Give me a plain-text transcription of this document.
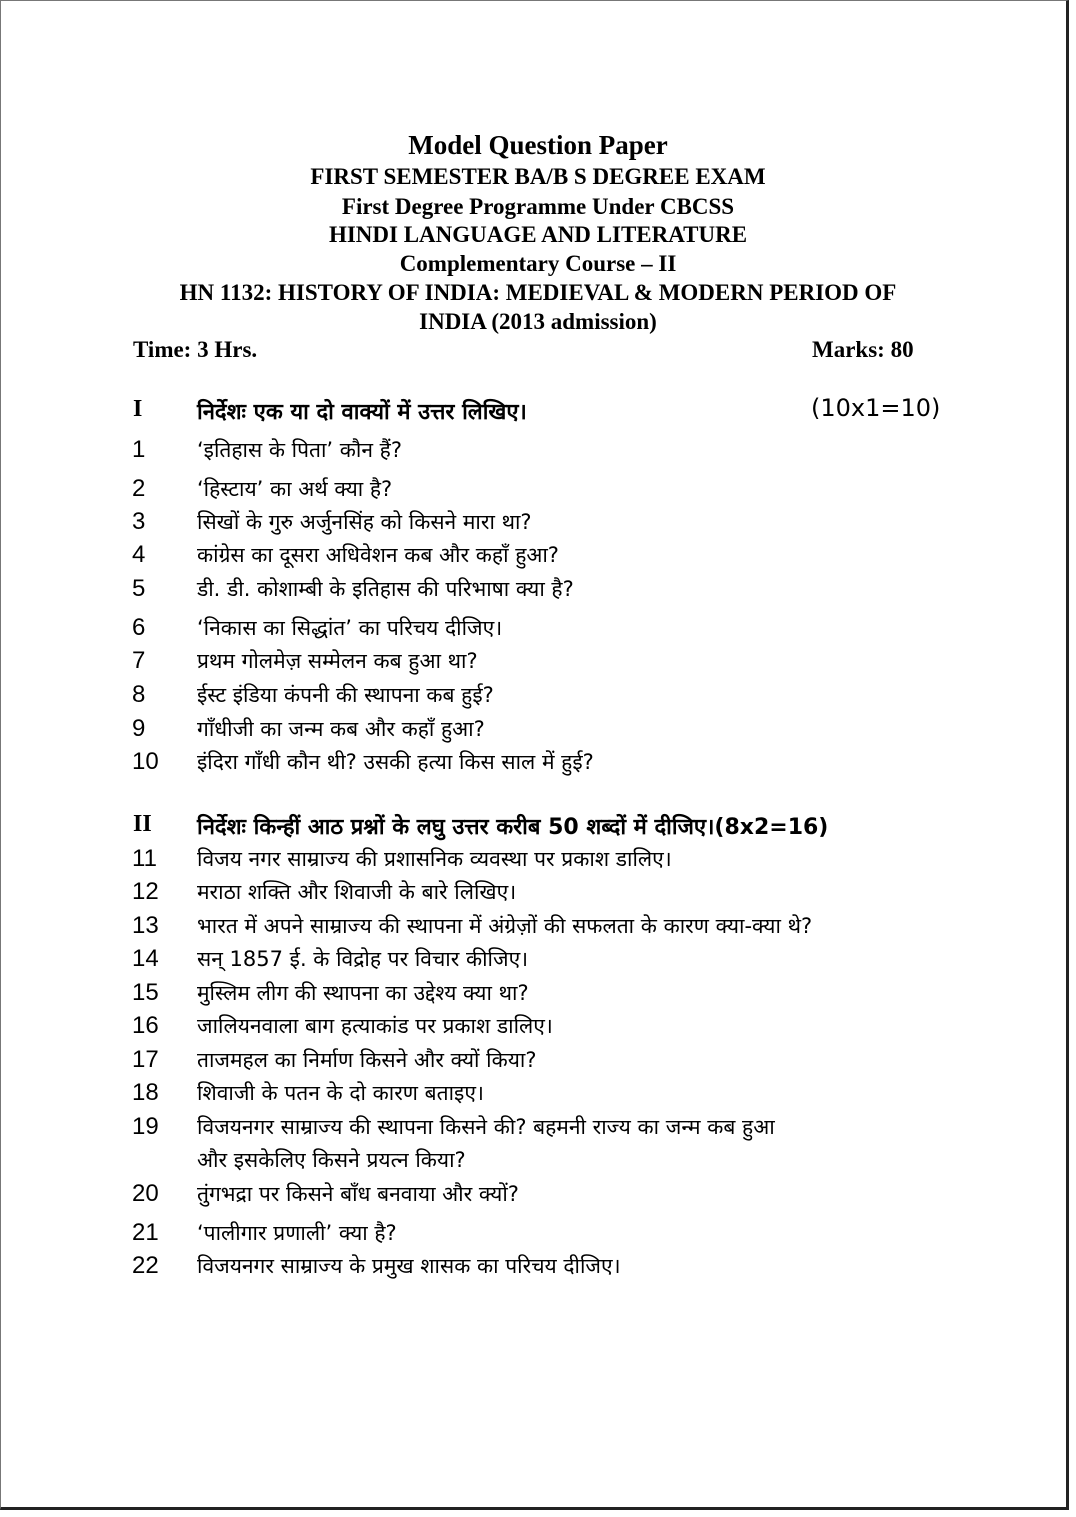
Model Question Paper
FIRST SEMESTER BA/B S DEGREE EXAM
First Degree Programme Under CBCSS
HINDI LANGUAGE AND LITERATURE
Complementary Course – II
HN 1132: HISTORY OF INDIA: MEDIEVAL & MODERN PERIOD OF
INDIA (2013 admission)
Time: 3 Hrs.	Marks: 80
I निर्देशः एक या दो वाक्यों में उत्तर लिखिए।	(10x1=10)
1 ‘इतिहास के पिता’ कौन हैं?
2 ‘हिस्टाय’ का अर्थ क्या है?
3 सिखों के गुरु अर्जुनसिंह को किसने मारा था?
4 कांग्रेस का दूसरा अधिवेशन कब और कहाँ हुआ?
5 डी. डी. कोशाम्बी के इतिहास की परिभाषा क्या है?
6 ‘निकास का सिद्धांत’ का परिचय दीजिए।
7 प्रथम गोलमेज़ सम्मेलन कब हुआ था?
8 ईस्ट इंडिया कंपनी की स्थापना कब हुई?
9 गाँधीजी का जन्म कब और कहाँ हुआ?
10 इंदिरा गाँधी कौन थी? उसकी हत्या किस साल में हुई?
II निर्देशः किन्हीं आठ प्रश्नों के लघु उत्तर करीब 50 शब्दों में दीजिए।(8x2=16)
11 विजय नगर साम्राज्य की प्रशासनिक व्यवस्था पर प्रकाश डालिए।
12 मराठा शक्ति और शिवाजी के बारे लिखिए।
13 भारत में अपने साम्राज्य की स्थापना में अंग्रेज़ों की सफलता के कारण क्या-क्या थे?
14 सन् 1857 ई. के विद्रोह पर विचार कीजिए।
15 मुस्लिम लीग की स्थापना का उद्देश्य क्या था?
16 जालियनवाला बाग हत्याकांड पर प्रकाश डालिए।
17 ताजमहल का निर्माण किसने और क्यों किया?
18 शिवाजी के पतन के दो कारण बताइए।
19 विजयनगर साम्राज्य की स्थापना किसने की? बहमनी राज्य का जन्म कब हुआ
और इसकेलिए किसने प्रयत्न किया?
20 तुंगभद्रा पर किसने बाँध बनवाया और क्यों?
21 ‘पालीगार प्रणाली’ क्या है?
22 विजयनगर साम्राज्य के प्रमुख शासक का परिचय दीजिए।
